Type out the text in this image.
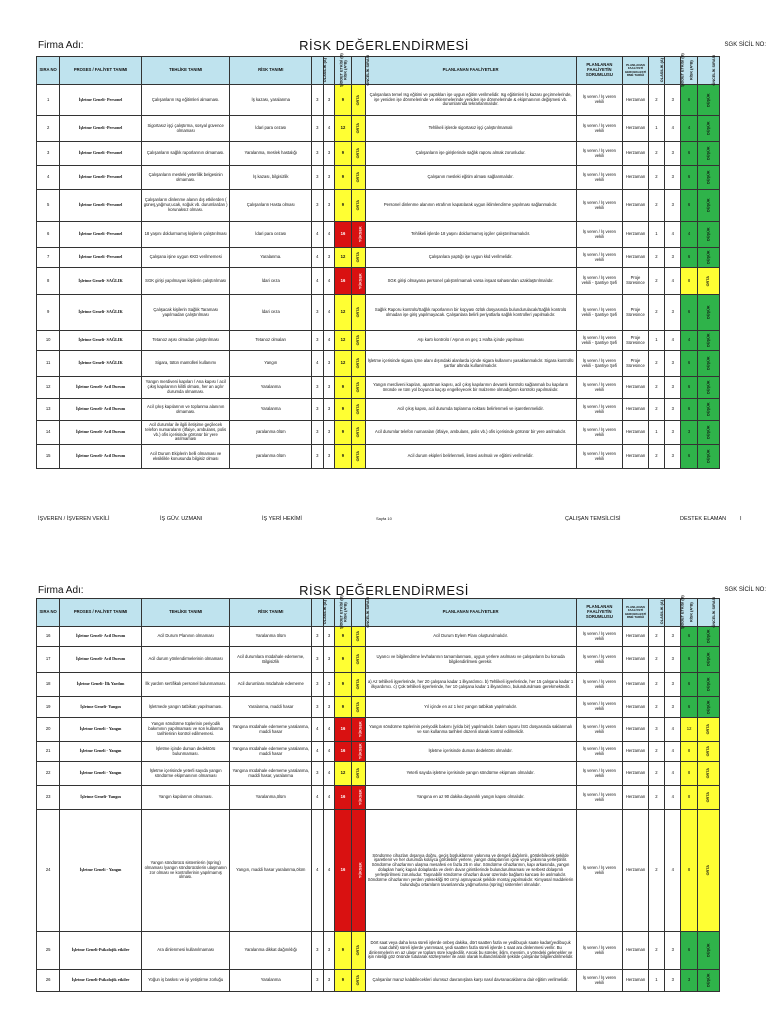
Firma Adı:	RİSK DEĞERLENDİRMESİ	SGK SİCİL NO:
SIRA NO	PROSES / FALİYET TANIMI	TEHLİKE TANIMI	RİSK TANIMI	OLASILIK (A)	ŞİDDET ETKİSİ (B)	RİSK (A*B)	ÖNCELİK SIRASI	PLANLANAN FAALİYETLER	PLANLANAN FAALİYETİN SORUMLUSU	PLANLANAN FAALİYETİ GERÇEKLEŞTİRME TARİHİ	OLASILIK (A)	ŞİDDET ETKİSİ (B)	RİSK (A*B)	ÖNCELİK SIRASI
1	İşletme Geneli- Personel	Çalışanların Isg eğitimleri almaması.	İş kazası, yaralanma	3	3	9	ORTA	Çalışanlara temel Isg eğitimi ve yaptıkları işe uygun eğitim verilmelidir. Isg eğitimleri İş kazası geçirmelerinde, işe yeniden işe dönmelerinde ve eklenmelerinde yeniden işe dönmelerinde & ekipmanının değişmesi vb. durumlarında tekrarlanmalıdır.	İş veren / İş veren vekili	Herzaman	2	3	6	DÜŞÜK
2	İşletme Geneli -Personel	Sigortasız işçi çalıştırma, sosyal güvence olmaması	İdari para cezası	3	4	12	ORTA	Tehlikeli işlerde sigortasız işçi çalıştırılmamalı	İş veren / İş veren vekili	Herzaman	1	4	4	DÜŞÜK
3	İşletme Geneli -Personel	Çalışanların sağlık raporlarının olmaması.	Yaralanma, meslek hastalığı	3	3	9	ORTA	Çalışanların işe girişlerinde sağlık raporu almak zorunludur.	İş veren / İş veren vekili	Herzaman	2	3	6	DÜŞÜK
4	İşletme Geneli- Personel	Çalışanların mesleki yeterlilik belgesinin olmaması.	İş kazası, bilgisizlik	3	3	9	ORTA	Çalışanın mesleki eğitim alması sağlanmalıdır.	İş veren / İş veren vekili	Herzaman	2	3	6	DÜŞÜK
5	İşletme Geneli -Personel	Çalışanların dinlenme alanın dış etkilerden ( güneş,yağmur,ucak, soğuk vb. durumlardan ) korunaksız olması.	Çalışanların Hasta olması	3	3	9	ORTA	Personel dinlenme alanının etrafının kapatılarak uygun iklimlendirme yapılması sağlanmalıdır.	İş veren / İş veren vekili	Herzaman	2	3	6	DÜŞÜK
6	İşletme Geneli -Personel	18 yaşını doldurmamış kişilerin çalıştırılması	İdari para cezası	4	4	16	YÜKSEK	Tehlikeli işlerde 18 yaşını doldurmamış işçiler çalıştırılmamalıdır.	İş veren / İş veren vekili	Herzaman	1	4	4	DÜŞÜK
7	İşletme Geneli -Personel	Çalışana işine uygun KKD verilmemesi	Yaralanma.	4	3	12	ORTA	Çalışanlara yaptığı işe uygun kkd verilmelidir.	İş veren / İş veren vekili	Herzaman	2	3	6	DÜŞÜK
8	İşletme Geneli- SAĞLIK	SGK girişi yapılmayan kişilerin çalıştırılması	İdari ceza	4	4	16	YÜKSEK	SGK girişi olmayana personel çalıştırılmamalı varsa inşaat sahasından uzaklaştırılmalıdır.	İş veren / İş veren vekili - Şantiye Şefi	Proje Süresince	2	4	8	ORTA
9	İşletme Geneli- SAĞLIK	Çalışacak kişilerin Sağlık Taraması yapılmadan çalıştırılması	İdari ceza	3	4	12	ORTA	Sağlık Raporu kontrolü/Sağlık raporlarının bir kopyası özlük dosyasında bulundurulacak/Sağlık kontrolü olmadan işe giriş yapılmayacak. Çalışanlara belirli periyotlarla sağlık kontrolleri yapılmalıdır.	İş veren / İş veren vekili - Şantiye Şefi	Proje Süresince	2	3	6	DÜŞÜK
10	İşletme Geneli- SAĞLIK	Tetanoz aşısı olmadan çalıştırılması	Tetanoz olmaları	3	4	12	ORTA	Aşı kartı kontrolü / Aşının en geç 1 Hafta içinde yapılması	İş veren / İş veren vekili - Şantiye Şefi	Proje Süresince	1	4	4	DÜŞÜK
11	İşletme Geneli- SAĞLIK	Sigara, tütün mamülleri kullanımı	Yangın	4	3	12	ORTA	İşletme içerisinde sigara içme alanı dışındaki alanlarda içinde sigara kullanımı yasaklanmalıdır. Sigara kontrollü şartlar altında kullanılmalıdır.	İş veren / İş veren vekili - Şantiye Şefi	Proje Süresince	2	3	6	DÜŞÜK
12	İşletme Geneli- Acil Durum	Yangın merdiveni kapıları / Ana kapısı / acil çıkış kapılarının kilitli olması, her an açılır durumda olmaması.	Yaralanma	3	3	9	ORTA	Yangın merdiveni kapıları, apartman kapısı, acil çıkış kapılarının devamlı kontrolü sağlanmalı bu kapıların önünde ve tüm yol boyunca kaçışı engelleyecek bir malzeme olmadığının kontrolü yapılmalıdır.	İş veren / İş veren vekili	Herzaman	2	3	6	DÜŞÜK
13	İşletme Geneli- Acil Durum	Acil çıkış kapılarının ve toplanma alanının olmaması.	Yaralanma	3	3	9	ORTA	Acil çıkış kapısı, acil durumda toplanma noktası belirlenmeli ve işaretlenmelidir.	İş veren / İş veren vekili	Herzaman	2	3	6	DÜŞÜK
14	İşletme Geneli- Acil Durum	Acil durumlar ile ilgili iletişime geçilecek telefon numaraların (itfaiye, ambulans, polis vb.) ofis içerisinde görünür bir yere asılmaması	yaralanma ölüm	3	3	9	ORTA	Acil durumlar telefon numaraları (itfaiye, ambulans, polis vb.) ofis içerisinde görünür bir yere asılmalıdır.	İş veren / İş veren vekili	Herzaman	1	3	3	DÜŞÜK
15	İşletme Geneli- Acil Durum	Acil Durum Ekiplerin belli olmaması ve eksiklikle konusunda bilgisiz olması	yaralanma ölüm	3	3	9	ORTA	Acil durum ekipleri belirlenmeli, listesi asılmalı ve eğitimi verilmelidir.	İş veren / İş veren vekili	Herzaman	2	3	6	DÜŞÜK
İŞVEREN / İŞVEREN VEKİLİ	İŞ GÜV. UZMANI	İŞ YERİ HEKİMİ	Sayfa 10	ÇALIŞAN TEMSİLCİSİ	DESTEK ELAMAN	I
Firma Adı:	RİSK DEĞERLENDİRMESİ	SGK SİCİL NO:
SIRA NO	PROSES / FALİYET TANIMI	TEHLİKE TANIMI	RİSK TANIMI	OLASILIK (A)	ŞİDDET ETKİSİ (B)	RİSK (A*B)	ÖNCELİK SIRASI	PLANLANAN FAALİYETLER	PLANLANAN FAALİYETİN SORUMLUSU	PLANLANAN FAALİYETİ GERÇEKLEŞTİRME TARİHİ	OLASILIK (A)	ŞİDDET ETKİSİ (B)	RİSK (A*B)	ÖNCELİK SIRASI
16	İşletme Geneli- Acil Durum	Acil Durum Planının olmaması	Yaralanma ölüm	3	3	9	ORTA	Acil Durum Eylem Planı oluşturulmalıdır.	İş veren / İş veren vekili	Herzaman	2	3	6	DÜŞÜK
17	İşletme Geneli- Acil Durum	Acil durum yönlendirmelerinin olmaması	Acil durumlara müdahale edememe, Bilgisizlik	3	3	9	ORTA	Uyarıcı ve bilgilendirme levhalarının tamamlanması, uygun yerlere asılması ve çalışanların bu konuda bilgilendirilmesi gerekir.	İş veren / İş veren vekili	Herzaman	2	3	6	DÜŞÜK
18	İşletme Geneli- İlk Yardım	İlk yardım sertifikalı personel bulunmaması.	Acil durumlara müdahale edememe	3	3	9	ORTA	a) Az tehlikeli işyerlerinde, her 20 çalışana kadar 1 ilkyardımcı. b) Tehlikeli işyerlerinde, her 15 çalışana kadar 1 ilkyardımcı. c) Çok tehlikeli işyerlerinde, her 10 çalışana kadar 1 ilkyardımcı, bulundurulması gerekmektedir.	İş veren / İş veren vekili	Herzaman	2	3	6	DÜŞÜK
19	İşletme Geneli- Yangın	İşletmede yangın tatbikatı yapılmaması.	Yaralanma, maddi hasar	3	3	9	ORTA	Yıl içinde en az 1 kez yangın tatbikatı yapılmalıdır.	İş veren / İş veren vekili	Herzaman	2	3	6	DÜŞÜK
20	İşletme Geneli - Yangın	Yangın söndürme tüplerinin periyodik bakımının yapılmaması ve son kullanma tarihlerinin kontrol edilmemesi.	Yangına müdahale edememe yaralanma, maddi hasar	4	4	16	YÜKSEK	Yangın söndürme tüplerinin periyodik bakımı (yılda bir) yapılmalıdır. bakım raporu İSG dosyasında saklanmalı ve son kullanma tarihleri düzenli olarak kontrol edilmelidir.	İş veren / İş veren vekili	Herzaman	3	4	12	ORTA
21	İşletme Geneli - Yangın	İşletme içinde duman dedektörü bulunmaması.	Yangına müdahale edememe yaralanma, maddi hasar	4	4	16	YÜKSEK	İşletme içerisinde duman dedektörü olmalıdır.	İş veren / İş veren vekili	Herzaman	2	4	8	ORTA
22	İşletme Geneli - Yangın	İşletme içerisinde yeterli sayıda yangın söndürme ekipmanının olmaması	Yangına müdahale edememe yaralanma, maddi hasar, yaralanma	3	4	12	ORTA	Yeterli sayıda işletme içerisinde yangın söndürme ekipmanı olmalıdır.	İş veren / İş veren vekili	Herzaman	2	4	8	ORTA
23	İşletme Geneli- Yangın	Yangın kapılarının olmaması.	Yaralanma,ölüm	4	4	16	YÜKSEK	Yangına en az 90 dakika dayanıklı yangın kapısı olmalıdır.	İş veren / İş veren vekili	Herzaman	2	4	8	ORTA
24	İşletme Geneli - Yangın	Yangın söndürücü sistemlerin (spring) olmaması /yangın söndürücülerin ulaşmanın zor olması ve kontrollerinin yapılmamış olması.	Yangın, maddi hasar yaralanma,ölüm	4	4	16	YÜKSEK	Söndürme cihazları dışarıya doğru, geçiş boşluklarının yakınına ve dengeli dağılımlı, görülebilecek şekilde işaretlenir ve her durumda kolayca görülebilir yerlere, yangın dolaplarının içine veya yakınına yerleştirilir. Söndürme cihazlarının ulaşma mesafesi en fazla 25 m olur. Söndürme cihazlarının, kapı arkasında, yangın dolapları hariç kapalı dolaplarda ve derin duvar girintilerinde bulundurulmaması ve serbest dolaşımlı yerleştirilmesi zorunludur. Taşınabilir söndürme cihazları duvar üzerinde bağlantı kancası ile asılmalıdır. Söndürme cihazlarının yerden yüksekliği 90 cm'yi aşmayacak şekilde montaj yapılmalıdır. Kimyasal maddelerin bulunduğu ortamların tavanlarında yağmurlama (spring) sistemleri olmalıdır.	İş veren / İş veren vekili	Herzaman	2	4	8	ORTA
25	İşletme Geneli-Psikolojik etkiler	Ara dinlenmesi kullanılmaması	Yaralanma dikkat dağınıklığı	3	3	9	ORTA	Dört saat veya daha kısa süreli işlerde onbeş dakika, dört saatten fazla ve yedibuçuk saate kadar(yedibuçuk saat dahil) süreli işlerde yarımsaat, yedi saatten fazla süreli işlerde 1 saat ara dinlenmesi verilir. Bu dinlenmelerin en az ulaşır ve toplam süre kaydedilir. Ancak bu süreler, iklim, mevsim, o yöredeki gelenekler ve işin niteliği göz önünde tutularak sözleşmeler ile aralı olarak kullandırılabilir şekilde çalışanlar bilgilendirilmelidir.	İş veren / İş veren vekili	Herzaman	2	3	6	DÜŞÜK
26	İşletme Geneli-Psikolojik etkiler	Yoğun iş baskısı ve işi yetiştirme zorluğu	Yaralanma	3	3	9	ORTA	Çalışanlar maruz kalabilecekleri olumsuz davranışlara karşı nasıl davranacaklarına dair eğitim verilmelidir.	İş veren / İş veren vekili	Herzaman	1	3	3	DÜŞÜK
